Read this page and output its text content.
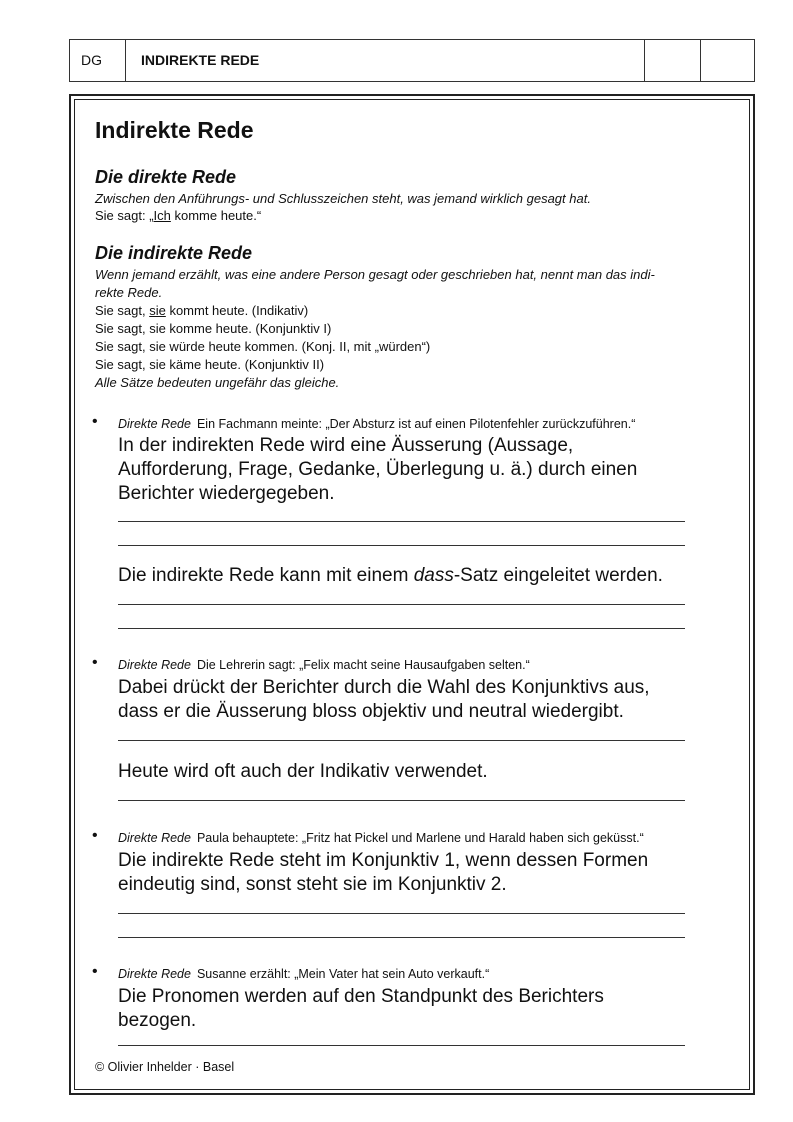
DG	INDIREKTE REDE
Indirekte Rede
Die direkte Rede
Zwischen den Anführungs- und Schlusszeichen steht, was jemand wirklich gesagt hat.
Sie sagt: „Ich komme heute.“
Die indirekte Rede
Wenn jemand erzählt, was eine andere Person gesagt oder geschrieben hat, nennt man das indi-
rekte Rede.
Sie sagt, sie kommt heute. (Indikativ)
Sie sagt, sie komme heute. (Konjunktiv I)
Sie sagt, sie würde heute kommen. (Konj. II, mit „würden“)
Sie sagt, sie käme heute. (Konjunktiv II)
Alle Sätze bedeuten ungefähr das gleiche.
• Direkte Rede Ein Fachmann meinte: „Der Absturz ist auf einen Pilotenfehler zurückzuführen.“
In der indirekten Rede wird eine Äusserung (Aussage,
Aufforderung, Frage, Gedanke, Überlegung u. ä.) durch einen
Berichter wiedergegeben.
Die indirekte Rede kann mit einem dass-Satz eingeleitet werden.
• Direkte Rede Die Lehrerin sagt: „Felix macht seine Hausaufgaben selten.“
Dabei drückt der Berichter durch die Wahl des Konjunktivs aus,
dass er die Äusserung bloss objektiv und neutral wiedergibt.
Heute wird oft auch der Indikativ verwendet.
• Direkte Rede Paula behauptete: „Fritz hat Pickel und Marlene und Harald haben sich geküsst.“
Die indirekte Rede steht im Konjunktiv 1, wenn dessen Formen
eindeutig sind, sonst steht sie im Konjunktiv 2.
• Direkte Rede Susanne erzählt: „Mein Vater hat sein Auto verkauft.“
Die Pronomen werden auf den Standpunkt des Berichters
bezogen.
© Olivier Inhelder · Basel
